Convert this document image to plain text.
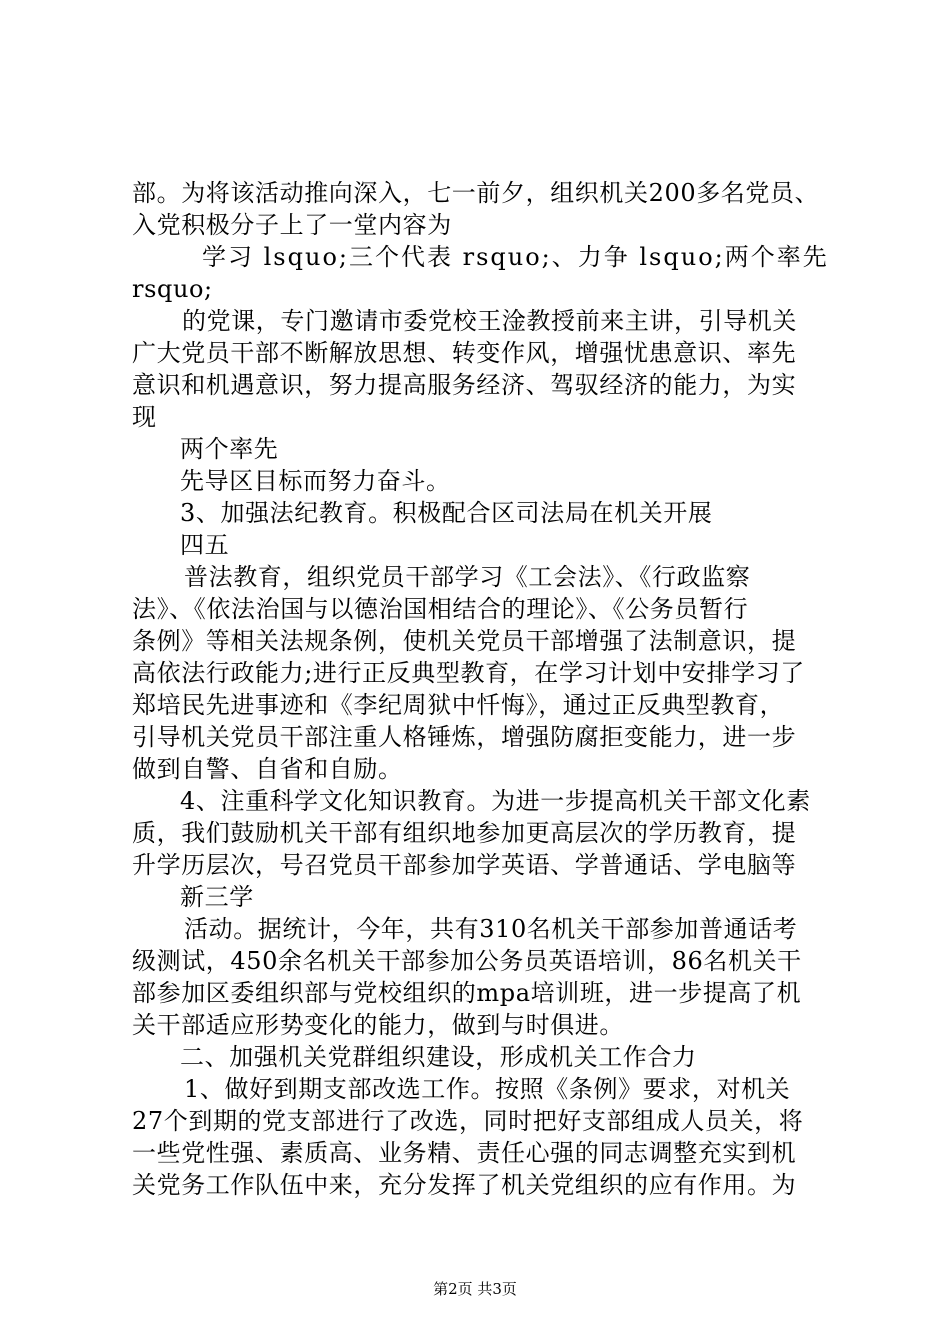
部。为将该活动推向深入，七一前夕，组织机关200多名党员、
入党积极分子上了一堂内容为
学习 lsquo;三个代表 rsquo;、力争 lsquo;两个率先
rsquo;
的党课，专门邀请市委党校王淦教授前来主讲，引导机关
广大党员干部不断解放思想、转变作风，增强忧患意识、率先
意识和机遇意识，努力提高服务经济、驾驭经济的能力，为实
现
两个率先
先导区目标而努力奋斗。
3、加强法纪教育。积极配合区司法局在机关开展
四五
普法教育，组织党员干部学习《工会法》、《行政监察
法》、《依法治国与以德治国相结合的理论》、《公务员暂行
条例》等相关法规条例，使机关党员干部增强了法制意识，提
高依法行政能力;进行正反典型教育，在学习计划中安排学习了
郑培民先进事迹和《李纪周狱中忏悔》，通过正反典型教育，
引导机关党员干部注重人格锤炼，增强防腐拒变能力，进一步
做到自警、自省和自励。
4、注重科学文化知识教育。为进一步提高机关干部文化素
质，我们鼓励机关干部有组织地参加更高层次的学历教育，提
升学历层次，号召党员干部参加学英语、学普通话、学电脑等
新三学
活动。据统计，今年，共有310名机关干部参加普通话考
级测试，450余名机关干部参加公务员英语培训，86名机关干
部参加区委组织部与党校组织的mpa培训班，进一步提高了机
关干部适应形势变化的能力，做到与时俱进。
二、加强机关党群组织建设，形成机关工作合力
1、做好到期支部改选工作。按照《条例》要求，对机关
27个到期的党支部进行了改选，同时把好支部组成人员关，将
一些党性强、素质高、业务精、责任心强的同志调整充实到机
关党务工作队伍中来，充分发挥了机关党组织的应有作用。为
第2页 共3页
